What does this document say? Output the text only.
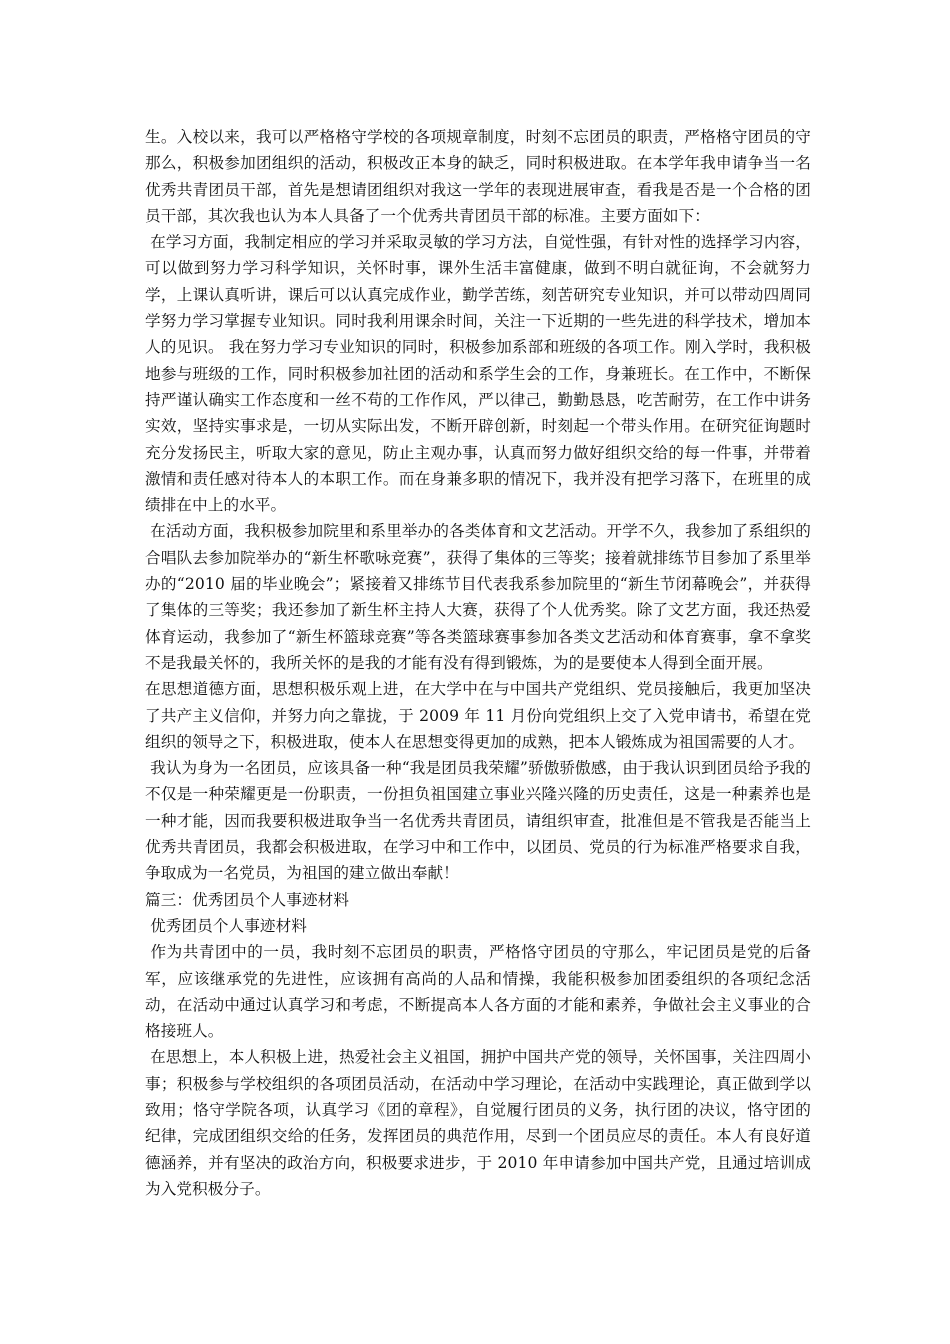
生。入校以来，我可以严格格守学校的各项规章制度，时刻不忘团员的职责，严格格守团员的守那么，积极参加团组织的活动，积极改正本身的缺乏，同时积极进取。在本学年我申请争当一名优秀共青团员干部，首先是想请团组织对我这一学年的表现进展审查，看我是否是一个合格的团员干部，其次我也认为本人具备了一个优秀共青团员干部的标准。主要方面如下：

在学习方面，我制定相应的学习并采取灵敏的学习方法，自觉性强，有针对性的选择学习内容，可以做到努力学习科学知识，关怀时事，课外生活丰富健康，做到不明白就征询，不会就努力学，上课认真听讲，课后可以认真完成作业，勤学苦练，刻苦研究专业知识，并可以带动四周同学努力学习掌握专业知识。同时我利用课余时间，关注一下近期的一些先进的科学技术，增加本人的见识。 我在努力学习专业知识的同时，积极参加系部和班级的各项工作。刚入学时，我积极地参与班级的工作，同时积极参加社团的活动和系学生会的工作，身兼班长。在工作中，不断保持严谨认确实工作态度和一丝不苟的工作作风，严以律己，勤勤恳恳，吃苦耐劳，在工作中讲务实效，坚持实事求是，一切从实际出发，不断开辟创新，时刻起一个带头作用。在研究征询题时充分发扬民主，听取大家的意见，防止主观办事，认真而努力做好组织交给的每一件事，并带着激情和责任感对待本人的本职工作。而在身兼多职的情况下，我并没有把学习落下，在班里的成绩排在中上的水平。

在活动方面，我积极参加院里和系里举办的各类体育和文艺活动。开学不久，我参加了系组织的合唱队去参加院举办的“新生杯歌咏竞赛”，获得了集体的三等奖；接着就排练节目参加了系里举办的“2010 届的毕业晚会”；紧接着又排练节目代表我系参加院里的“新生节闭幕晚会”，并获得了集体的三等奖；我还参加了新生杯主持人大赛，获得了个人优秀奖。除了文艺方面，我还热爱体育运动，我参加了“新生杯篮球竞赛”等各类篮球赛事参加各类文艺活动和体育赛事，拿不拿奖不是我最关怀的，我所关怀的是我的才能有没有得到锻炼，为的是要使本人得到全面开展。

在思想道德方面，思想积极乐观上进，在大学中在与中国共产党组织、党员接触后，我更加坚决了共产主义信仰，并努力向之靠拢，于 2009 年 11 月份向党组织上交了入党申请书，希望在党组织的领导之下，积极进取，使本人在思想变得更加的成熟，把本人锻炼成为祖国需要的人才。

我认为身为一名团员，应该具备一种“我是团员我荣耀”骄傲骄傲感，由于我认识到团员给予我的不仅是一种荣耀更是一份职责，一份担负祖国建立事业兴隆兴隆的历史责任，这是一种素养也是一种才能，因而我要积极进取争当一名优秀共青团员，请组织审查，批准但是不管我是否能当上优秀共青团员，我都会积极进取，在学习中和工作中，以团员、党员的行为标准严格要求自我，争取成为一名党员，为祖国的建立做出奉献！

篇三：优秀团员个人事迹材料

优秀团员个人事迹材料

作为共青团中的一员，我时刻不忘团员的职责，严格恪守团员的守那么，牢记团员是党的后备军，应该继承党的先进性，应该拥有高尚的人品和情操，我能积极参加团委组织的各项纪念活动，在活动中通过认真学习和考虑，不断提高本人各方面的才能和素养，争做社会主义事业的合格接班人。

在思想上，本人积极上进，热爱社会主义祖国，拥护中国共产党的领导，关怀国事，关注四周小事；积极参与学校组织的各项团员活动，在活动中学习理论，在活动中实践理论，真正做到学以致用；恪守学院各项，认真学习《团的章程》，自觉履行团员的义务，执行团的决议，恪守团的纪律，完成团组织交给的任务，发挥团员的典范作用，尽到一个团员应尽的责任。本人有良好道德涵养，并有坚决的政治方向，积极要求进步，于 2010 年申请参加中国共产党，且通过培训成为入党积极分子。
